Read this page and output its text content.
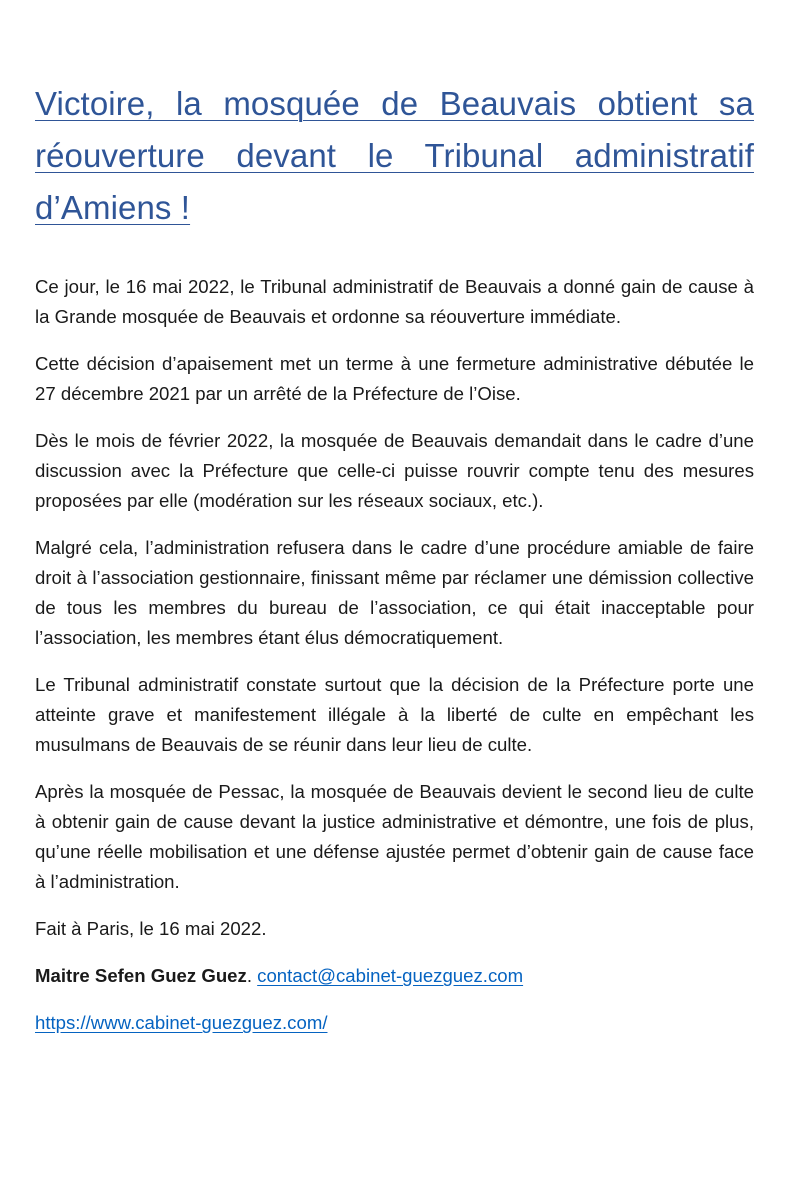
Victoire, la mosquée de Beauvais obtient sa réouverture devant le Tribunal administratif d’Amiens !

Ce jour, le 16 mai 2022, le Tribunal administratif de Beauvais a donné gain de cause à la Grande mosquée de Beauvais et ordonne sa réouverture immédiate.

Cette décision d’apaisement met un terme à une fermeture administrative débutée le 27 décembre 2021 par un arrêté de la Préfecture de l’Oise.

Dès le mois de février 2022, la mosquée de Beauvais demandait dans le cadre d’une discussion avec la Préfecture que celle-ci puisse rouvrir compte tenu des mesures proposées par elle (modération sur les réseaux sociaux, etc.).

Malgré cela, l’administration refusera dans le cadre d’une procédure amiable de faire droit à l’association gestionnaire, finissant même par réclamer une démission collective de tous les membres du bureau de l’association, ce qui était inacceptable pour l’association, les membres étant élus démocratiquement.

Le Tribunal administratif constate surtout que la décision de la Préfecture porte une atteinte grave et manifestement illégale à la liberté de culte en empêchant les musulmans de Beauvais de se réunir dans leur lieu de culte.

Après la mosquée de Pessac, la mosquée de Beauvais devient le second lieu de culte à obtenir gain de cause devant la justice administrative et démontre, une fois de plus, qu’une réelle mobilisation et une défense ajustée permet d’obtenir gain de cause face à l’administration.

Fait à Paris, le 16 mai 2022.

Maitre Sefen Guez Guez. contact@cabinet-guezguez.com

https://www.cabinet-guezguez.com/
